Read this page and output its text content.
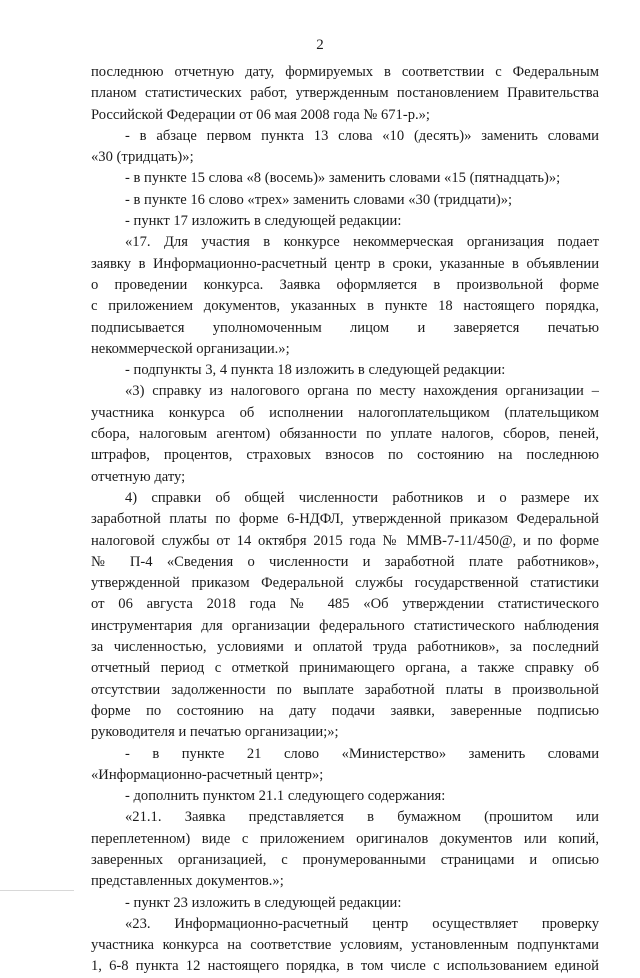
2
последнюю отчетную дату, формируемых в соответствии с Федеральным
планом статистических работ, утвержденным постановлением Правительства
Российской Федерации от 06 мая 2008 года № 671-р.»;
- в абзаце первом пункта 13 слова «10 (десять)» заменить словами
«30 (тридцать)»;
- в пункте 15 слова «8 (восемь)» заменить словами «15 (пятнадцать)»;
- в пункте 16 слово «трех» заменить словами «30 (тридцати)»;
- пункт 17 изложить в следующей редакции:
«17. Для участия в конкурсе некоммерческая организация подает
заявку в Информационно-расчетный центр в сроки, указанные в объявлении
о проведении конкурса. Заявка оформляется в произвольной форме
с приложением документов, указанных в пункте 18 настоящего порядка,
подписывается уполномоченным лицом и заверяется печатью
некоммерческой организации.»;
- подпункты 3, 4 пункта 18 изложить в следующей редакции:
«3) справку из налогового органа по месту нахождения организации –
участника конкурса об исполнении налогоплательщиком (плательщиком
сбора, налоговым агентом) обязанности по уплате налогов, сборов, пеней,
штрафов, процентов, страховых взносов по состоянию на последнюю
отчетную дату;
4) справки об общей численности работников и о размере их
заработной платы по форме 6-НДФЛ, утвержденной приказом Федеральной
налоговой службы от 14 октября 2015 года № ММВ-7-11/450@, и по форме
№ П-4 «Сведения о численности и заработной плате работников»,
утвержденной приказом Федеральной службы государственной статистики
от 06 августа 2018 года № 485 «Об утверждении статистического
инструментария для организации федерального статистического наблюдения
за численностью, условиями и оплатой труда работников», за последний
отчетный период с отметкой принимающего органа, а также справку об
отсутствии задолженности по выплате заработной платы в произвольной
форме по состоянию на дату подачи заявки, заверенные подписью
руководителя и печатью организации;»;
- в пункте 21 слово «Министерство» заменить словами
«Информационно-расчетный центр»;
- дополнить пунктом 21.1 следующего содержания:
«21.1. Заявка представляется в бумажном (прошитом или
переплетенном) виде с приложением оригиналов документов или копий,
заверенных организацией, с пронумерованными страницами и описью
представленных документов.»;
- пункт 23 изложить в следующей редакции:
«23. Информационно-расчетный центр осуществляет проверку
участника конкурса на соответствие условиям, установленным подпунктами
1, 6-8 пункта 12 настоящего порядка, в том числе с использованием единой
